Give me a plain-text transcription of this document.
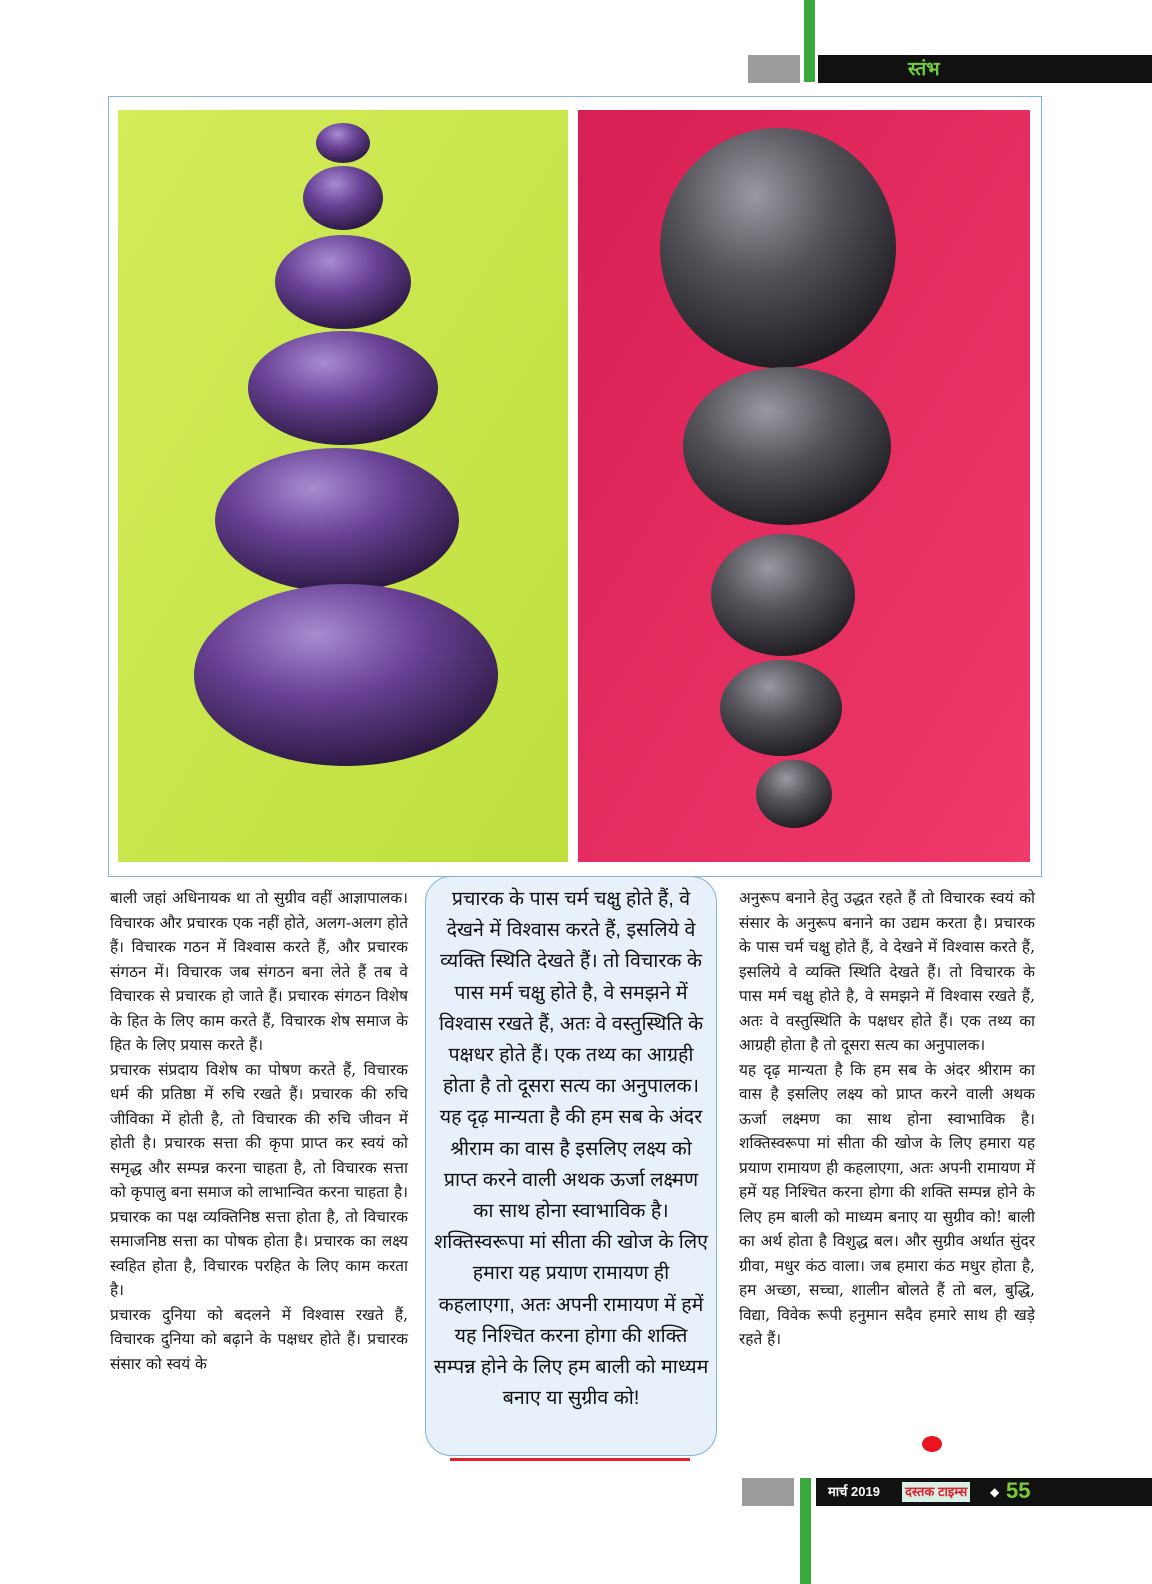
स्तंभ
बाली जहां अधिनायक था तो सुग्रीव वहीं आज्ञापालक। विचारक और प्रचारक एक नहीं होते, अलग-अलग होते हैं। विचारक गठन में विश्वास करते हैं, और प्रचारक संगठन में। विचारक जब संगठन बना लेते हैं तब वे विचारक से प्रचारक हो जाते हैं। प्रचारक संगठन विशेष के हित के लिए काम करते हैं, विचारक शेष समाज के हित के लिए प्रयास करते हैं।
प्रचारक संप्रदाय विशेष का पोषण करते हैं, विचारक धर्म की प्रतिष्ठा में रुचि रखते हैं। प्रचारक की रुचि जीविका में होती है, तो विचारक की रुचि जीवन में होती है। प्रचारक सत्ता की कृपा प्राप्त कर स्वयं को समृद्ध और सम्पन्न करना चाहता है, तो विचारक सत्ता को कृपालु बना समाज को लाभान्वित करना चाहता है। प्रचारक का पक्ष व्यक्तिनिष्ठ सत्ता होता है, तो विचारक समाजनिष्ठ सत्ता का पोषक होता है। प्रचारक का लक्ष्य स्वहित होता है, विचारक परहित के लिए काम करता है।
प्रचारक दुनिया को बदलने में विश्वास रखते हैं, विचारक दुनिया को बढ़ाने के पक्षधर होते हैं। प्रचारक संसार को स्वयं के
प्रचारक के पास चर्म चक्षु होते हैं, वे देखने में विश्वास करते हैं, इसलिये वे व्यक्ति स्थिति देखते हैं। तो विचारक के पास मर्म चक्षु होते है, वे समझने में विश्वास रखते हैं, अतः वे वस्तुस्थिति के पक्षधर होते हैं। एक तथ्य का आग्रही होता है तो दूसरा सत्य का अनुपालक। यह दृढ़ मान्यता है की हम सब के अंदर श्रीराम का वास है इसलिए लक्ष्य को प्राप्त करने वाली अथक ऊर्जा लक्ष्मण का साथ होना स्वाभाविक है। शक्तिस्वरूपा मां सीता की खोज के लिए हमारा यह प्रयाण रामायण ही कहलाएगा, अतः अपनी रामायण में हमें यह निश्चित करना होगा की शक्ति सम्पन्न होने के लिए हम बाली को माध्यम बनाए या सुग्रीव को!
अनुरूप बनाने हेतु उद्धत रहते हैं तो विचारक स्वयं को संसार के अनुरूप बनाने का उद्यम करता है। प्रचारक के पास चर्म चक्षु होते हैं, वे देखने में विश्वास करते हैं, इसलिये वे व्यक्ति स्थिति देखते हैं। तो विचारक के पास मर्म चक्षु होते है, वे समझने में विश्वास रखते हैं, अतः वे वस्तुस्थिति के पक्षधर होते हैं। एक तथ्य का आग्रही होता है तो दूसरा सत्य का अनुपालक।
यह दृढ़ मान्यता है कि हम सब के अंदर श्रीराम का वास है इसलिए लक्ष्य को प्राप्त करने वाली अथक ऊर्जा लक्ष्मण का साथ होना स्वाभाविक है। शक्तिस्वरूपा मां सीता की खोज के लिए हमारा यह प्रयाण रामायण ही कहलाएगा, अतः अपनी रामायण में हमें यह निश्चित करना होगा की शक्ति सम्पन्न होने के लिए हम बाली को माध्यम बनाए या सुग्रीव को! बाली का अर्थ होता है विशुद्ध बल। और सुग्रीव अर्थात सुंदर ग्रीवा, मधुर कंठ वाला। जब हमारा कंठ मधुर होता है, हम अच्छा, सच्चा, शालीन बोलते हैं तो बल, बुद्धि, विद्या, विवेक रूपी हनुमान सदैव हमारे साथ ही खड़े रहते हैं।
मार्च 2019 दस्तक टाइम्स ◆ 55
